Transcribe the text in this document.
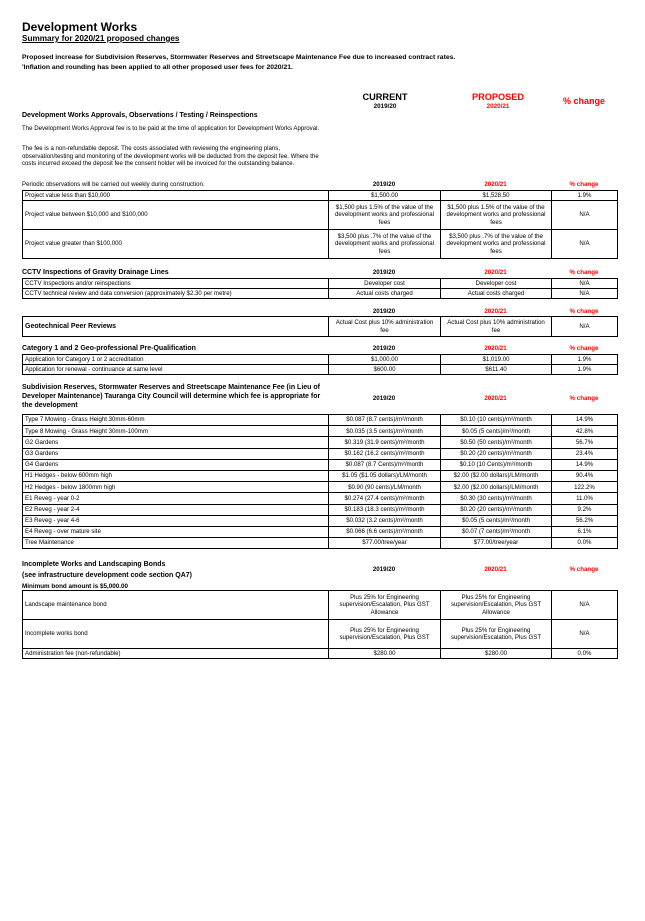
Development Works
Summary for 2020/21 proposed changes
Proposed increase for Subdivision Reserves, Stormwater Reserves and Streetscape Maintenance Fee due to increased contract rates.
'Inflation and rounding has been applied to all other proposed user fees for 2020/21.
CURRENT	PROPOSED
2019/20	2020/21
% change
Development Works Approvals, Observations / Testing / Reinspections
The Development Works Approval fee is to be paid at the time of application for Development Works Approval.
The fee is a non-refundable deposit. The costs associated with reviewing the engineering plans, observation/testing and monitoring of the development works will be deducted from the deposit fee. Where the costs incurred exceed the deposit fee the consent holder will be invoiced for the outstanding balance.
Periodic observations will be carried out weekly during construction.	2019/20	2020/21	% change
Project value less than $10,000	$1,500.00	$1,528.50	1.9%
Project value between $10,000 and $100,000	$1,500 plus 1.5% of the value of the development works and professional fees	$1,500 plus 1.5% of the value of the development works and professional fees	N/A
Project value greater than $100,000	$3,500 plus .7% of the value of the development works and professional fees	$3,500 plus .7% of the value of the development works and professional fees	N/A
CCTV Inspections of Gravity Drainage Lines	2019/20	2020/21	% change
CCTV Inspections and/or reinspections	Developer cost	Developer cost	N/A
CCTV technical review and data conversion (approximately $2.30 per metre)	Actual costs charged	Actual costs charged	N/A
2019/20	2020/21	% change
Geotechnical Peer Reviews	Actual Cost plus 10% administration fee	Actual Cost plus 10% administration fee	N/A
Category 1 and 2 Geo-professional Pre-Qualification	2019/20	2020/21	% change
Application for Category 1 or 2 accreditation	$1,000.00	$1,019.00	1.9%
Application for renewal - continuance at same level	$600.00	$611.40	1.9%
Subdivision Reserves, Stormwater Reserves and Streetscape Maintenance Fee (in Lieu of Developer Maintenance) Tauranga City Council will determine which fee is appropriate for the development
2019/20	2020/21	% change
Type 7 Mowing - Grass Height 30mm-60mm	$0.087 (8.7 cents)/m²/month	$0.10 (10 cents)/m²/month	14.9%
Type 8 Mowing - Grass Height 30mm-100mm	$0.035 (3.5 cents)/m²/month	$0.05 (5 cents)/m²/month	42.8%
G2 Gardens	$0.319 (31.9 cents)/m²/month	$0.50 (50 cents)/m²/month	56.7%
G3 Gardens	$0.162 (16.2 cents)/m²/month	$0.20 (20 cents)/m²/month	23.4%
G4 Gardens	$0.087 (8.7 Cents)/m²/month	$0.10 (10 Cents)/m²/month	14.9%
H1 Hedges - below 600mm high	$1.05 ($1.05 dollars)/LM/month	$2.00 ($2.00 dollars)/LM/month	90.4%
H2 Hedges - below 1800mm high	$0.90 (90 cents)/LM/month	$2.00 ($2.00 dollars)/LM/month	122.2%
E1 Reveg - year 0-2	$0.274 (27.4 cents)/m²/month	$0.30 (30 cents)/m²/month	11.0%
E2 Reveg - year 2-4	$0.183 (18.3 cents)/m²/month	$0.20 (20 cents)/m²/month	9.2%
E3 Reveg - year 4-6	$0.032 (3.2 cents)/m²/month	$0.05 (5 cents)/m²/month	56.2%
E4 Reveg - over mature site	$0.066 (6.6 cents)/m²/month	$0.07 (7 cents)/m²/month	6.1%
Tree Maintenance	$77.00/tree/year	$77.00/tree/year	0.0%
Incomplete Works and Landscaping Bonds
(see infrastructure development code section QA7)
Minimum bond amount is $5,000.00
2019/20	2020/21	% change
Landscape maintenance bond	Plus 25% for Engineering supervision/Escalation, Plus GST Allowance	Plus 25% for Engineering supervision/Escalation, Plus GST Allowance	N/A
Incomplete works bond	Plus 25% for Engineering supervision/Escalation, Plus GST	Plus 25% for Engineering supervision/Escalation, Plus GST	N/A
Administration fee (non-refundable)	$280.00	$280.00	0.0%
